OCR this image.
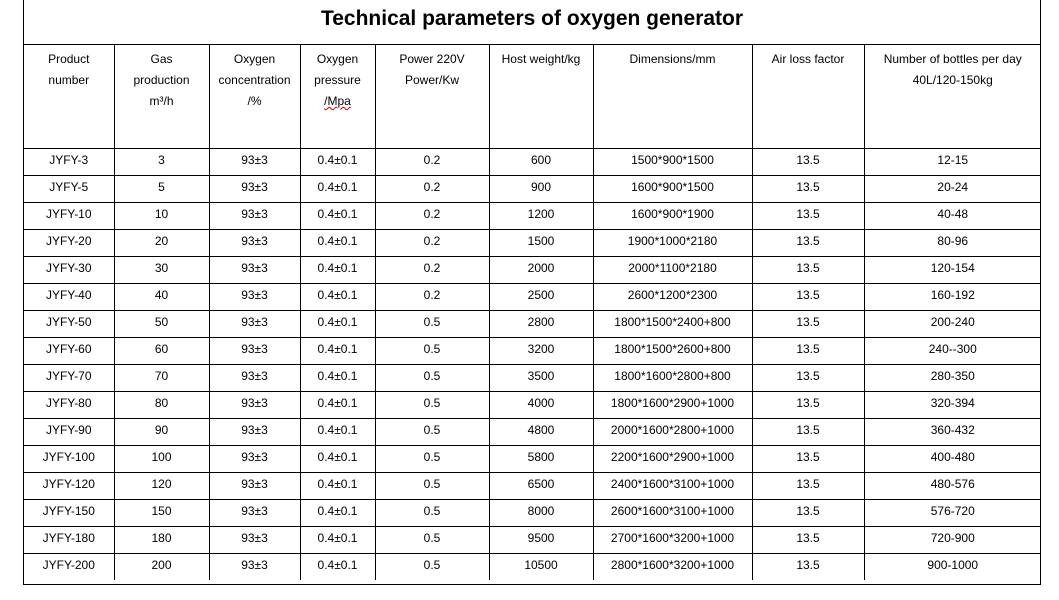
Technical parameters of oxygen generator
Product
number	Gas
production
m³/h	Oxygen
concentration
/%	Oxygen
pressure
/Mpa	Power 220V
Power/Kw	Host weight/kg	Dimensions/mm	Air loss factor	Number of bottles per day
40L/120-150kg

JYFY-3	3	93±3	0.4±0.1	0.2	600	1500*900*1500	13.5	12-15
JYFY-5	5	93±3	0.4±0.1	0.2	900	1600*900*1500	13.5	20-24
JYFY-10	10	93±3	0.4±0.1	0.2	1200	1600*900*1900	13.5	40-48
JYFY-20	20	93±3	0.4±0.1	0.2	1500	1900*1000*2180	13.5	80-96
JYFY-30	30	93±3	0.4±0.1	0.2	2000	2000*1100*2180	13.5	120-154
JYFY-40	40	93±3	0.4±0.1	0.2	2500	2600*1200*2300	13.5	160-192
JYFY-50	50	93±3	0.4±0.1	0.5	2800	1800*1500*2400+800	13.5	200-240
JYFY-60	60	93±3	0.4±0.1	0.5	3200	1800*1500*2600+800	13.5	240--300
JYFY-70	70	93±3	0.4±0.1	0.5	3500	1800*1600*2800+800	13.5	280-350
JYFY-80	80	93±3	0.4±0.1	0.5	4000	1800*1600*2900+1000	13.5	320-394
JYFY-90	90	93±3	0.4±0.1	0.5	4800	2000*1600*2800+1000	13.5	360-432
JYFY-100	100	93±3	0.4±0.1	0.5	5800	2200*1600*2900+1000	13.5	400-480
JYFY-120	120	93±3	0.4±0.1	0.5	6500	2400*1600*3100+1000	13.5	480-576
JYFY-150	150	93±3	0.4±0.1	0.5	8000	2600*1600*3100+1000	13.5	576-720
JYFY-180	180	93±3	0.4±0.1	0.5	9500	2700*1600*3200+1000	13.5	720-900
JYFY-200	200	93±3	0.4±0.1	0.5	10500	2800*1600*3200+1000	13.5	900-1000
